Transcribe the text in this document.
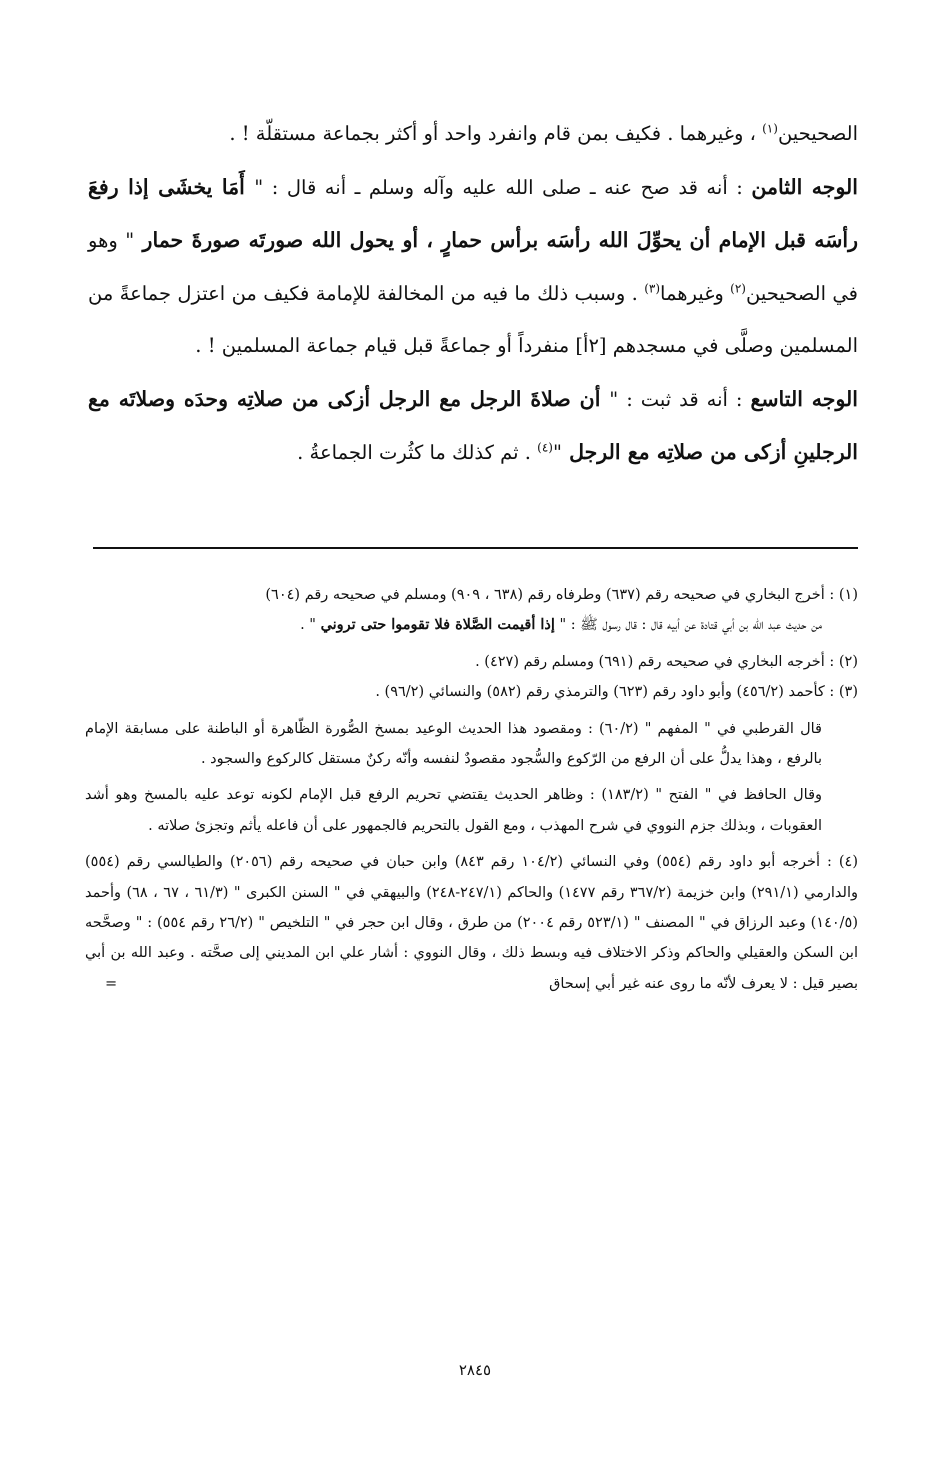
الصحيحين$^{(١)}$ ، وغيرهما . فكيف بمن قام وانفرد واحد أو أكثر بجماعة مستقلّة ! .

الوجه الثامن : أنه قد صح عنه ـ صلى الله عليه وآله وسلم ـ أنه قال : " أَمَا يخشَى إذا رفعَ رأسَه قبل الإمام أن يحوِّلَ الله رأسَه برأس حمارٍ ، أو يحول الله صورتَه صورةَ حمار " وهو في الصحيحين$^{(٢)}$ وغيرهما$^{(٣)}$ . وسبب ذلك ما فيه من المخالفة للإمامة فكيف من اعتزل جماعةً من المسلمين وصلَّى في مسجدهم [٢أ] منفرداً أو جماعةً قبل قيام جماعة المسلمين ! .

الوجه التاسع : أنه قد ثبت : " أن صلاةَ الرجل مع الرجل أزكى من صلاتِه وحدَه وصلاتَه مع الرجلينِ أزكى من صلاتِه مع الرجل "$^{(٤)}$ . ثم كذلك ما كثُرت الجماعةُ .

(١) : أخرج البخاري في صحيحه رقم (٦٣٧) وطرفاه رقم (٦٣٨ ، ٩٠٩) ومسلم في صحيحه رقم (٦٠٤)

من حديث عبد الله بن أبي قتادة عن أبيه قال : قال رسول ﷺ : " إذا أقيمت الصَّلاة فلا تقوموا حتى تروني " .

(٢) : أخرجه البخاري في صحيحه رقم (٦٩١) ومسلم رقم (٤٢٧) .

(٣) : كأحمد (٤٥٦/٢) وأبو داود رقم (٦٢٣) والترمذي رقم (٥٨٢) والنسائي (٩٦/٢) .

قال القرطبي في " المفهم " (٦٠/٢) : ومقصود هذا الحديث الوعيد بمسخ الصُّورة الظّاهرة أو الباطنة على مسابقة الإمام بالرفع ، وهذا يدلُّ على أن الرفع من الرّكوع والسُّجود مقصودٌ لنفسه وأنّه ركنٌ مستقل كالركوع والسجود .

وقال الحافظ في " الفتح " (١٨٣/٢) : وظاهر الحديث يقتضي تحريم الرفع قبل الإمام لكونه توعد عليه بالمسخ وهو أشد العقوبات ، وبذلك جزم النووي في شرح المهذب ، ومع القول بالتحريم فالجمهور على أن فاعله يأثم وتجزئ صلاته .

(٤) : أخرجه أبو داود رقم (٥٥٤) وفي النسائي (١٠٤/٢ رقم ٨٤٣) وابن حبان في صحيحه رقم (٢٠٥٦) والطيالسي رقم (٥٥٤) والدارمي (٢٩١/١) وابن خزيمة (٣٦٧/٢ رقم ١٤٧٧) والحاكم (٢٤٧/١-٢٤٨) والبيهقي في " السنن الكبرى " (٦١/٣ ، ٦٧ ، ٦٨) وأحمد (١٤٠/٥) وعبد الرزاق في " المصنف " (٥٢٣/١ رقم ٢٠٠٤) من طرق ، وقال ابن حجر في " التلخيص " (٢٦/٢ رقم ٥٥٤) : " وصحَّحه ابن السكن والعقيلي والحاكم وذكر الاختلاف فيه وبسط ذلك ، وقال النووي : أشار علي ابن المديني إلى صحَّته . وعبد الله بن أبي بصير قيل : لا يعرف لأنّه ما روى عنه غير أبي إسحاق
=

٢٨٤٥
